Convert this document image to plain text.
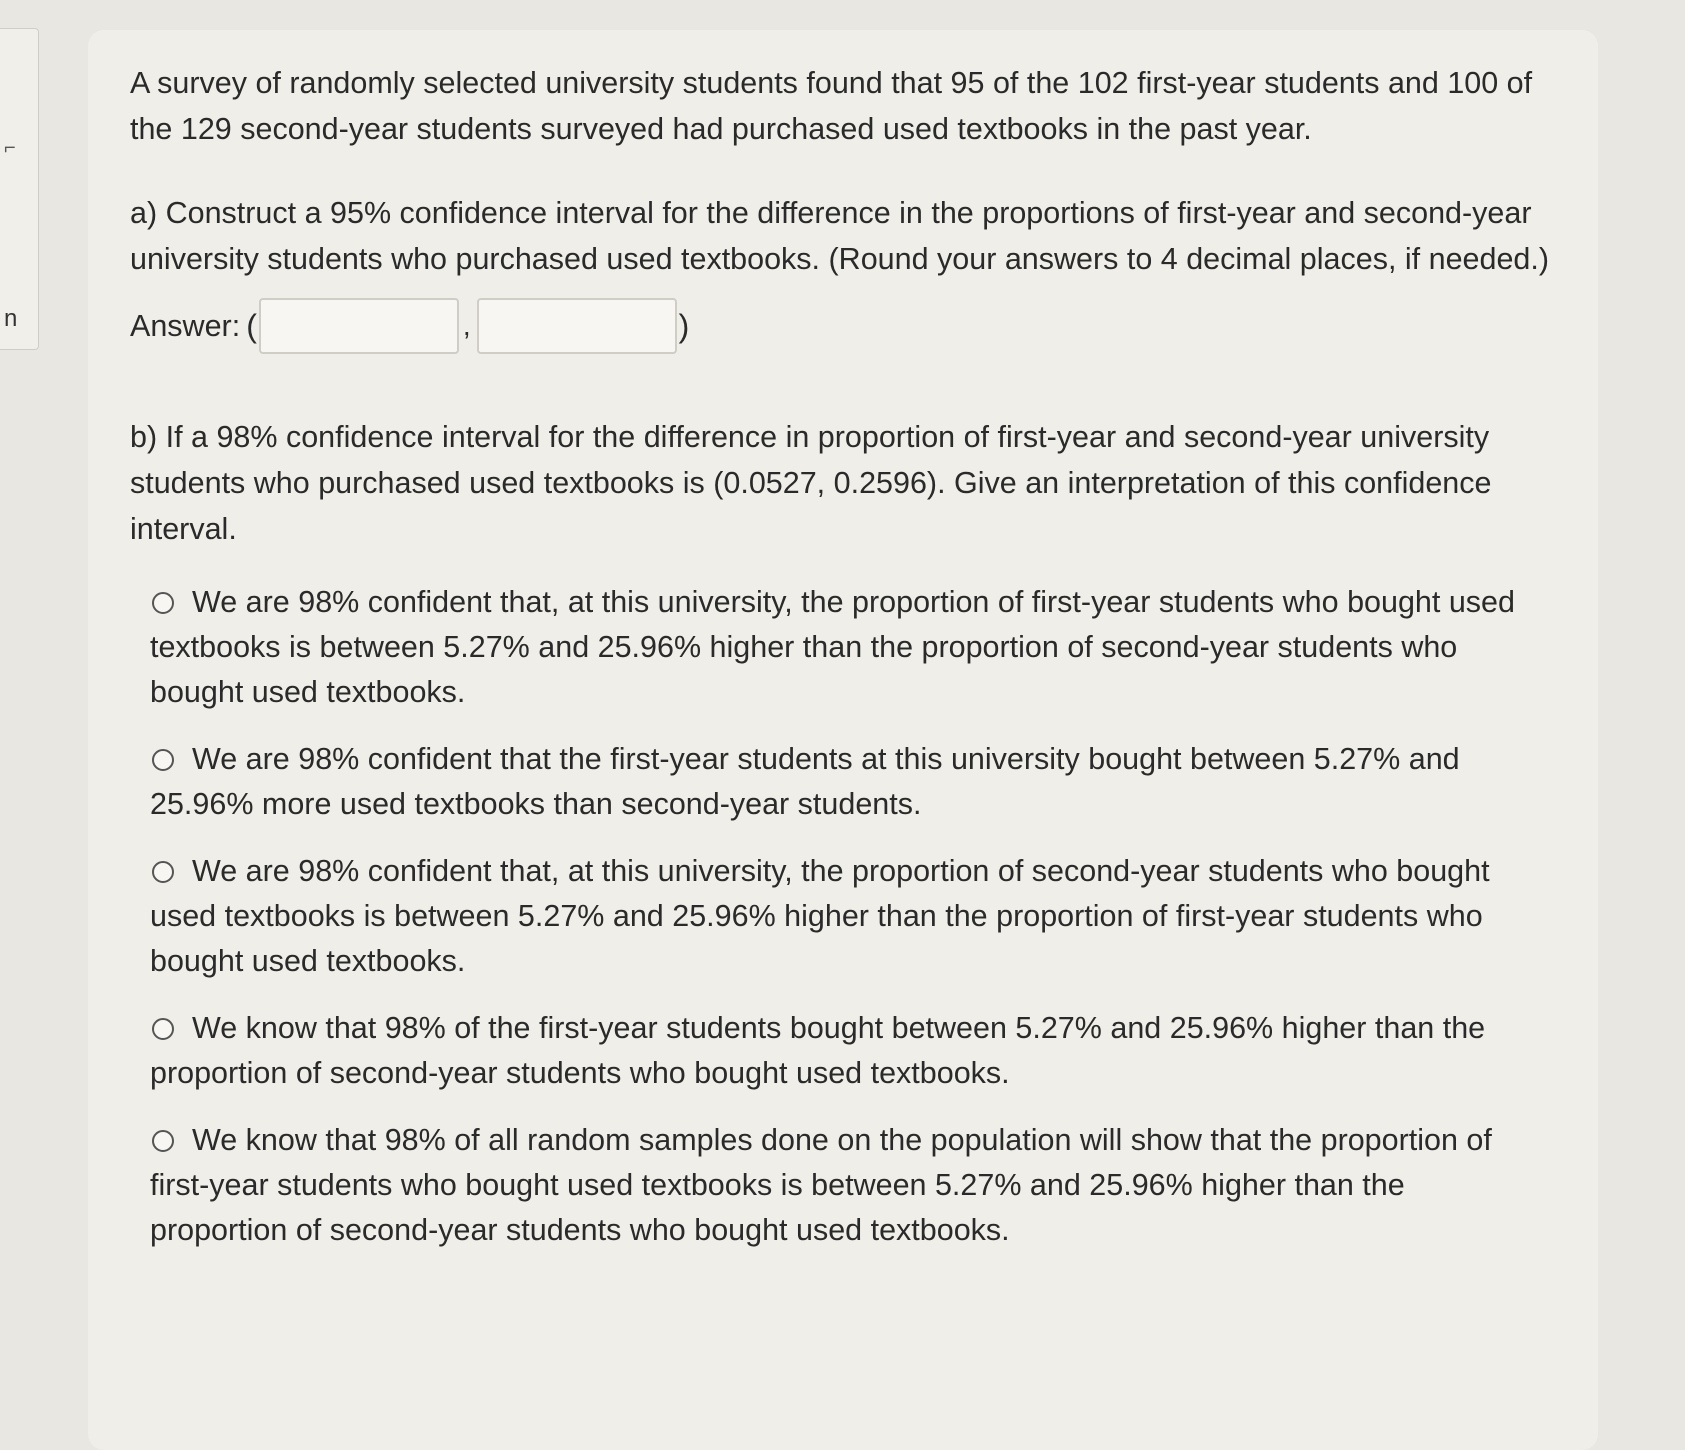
⌐
n

A survey of randomly selected university students found that 95 of the 102 first-year students and 100 of the 129 second-year students surveyed had purchased used textbooks in the past year.

a) Construct a 95% confidence interval for the difference in the proportions of first-year and second-year university students who purchased used textbooks. (Round your answers to 4 decimal places, if needed.)

Answer: (	,	)

b) If a 98% confidence interval for the difference in proportion of first-year and second-year university students who purchased used textbooks is (0.0527, 0.2596). Give an interpretation of this confidence interval.

We are 98% confident that, at this university, the proportion of first-year students who bought used textbooks is between 5.27% and 25.96% higher than the proportion of second-year students who bought used textbooks.
We are 98% confident that the first-year students at this university bought between 5.27% and 25.96% more used textbooks than second-year students.
We are 98% confident that, at this university, the proportion of second-year students who bought used textbooks is between 5.27% and 25.96% higher than the proportion of first-year students who bought used textbooks.
We know that 98% of the first-year students bought between 5.27% and 25.96% higher than the proportion of second-year students who bought used textbooks.
We know that 98% of all random samples done on the population will show that the proportion of first-year students who bought used textbooks is between 5.27% and 25.96% higher than the proportion of second-year students who bought used textbooks.
